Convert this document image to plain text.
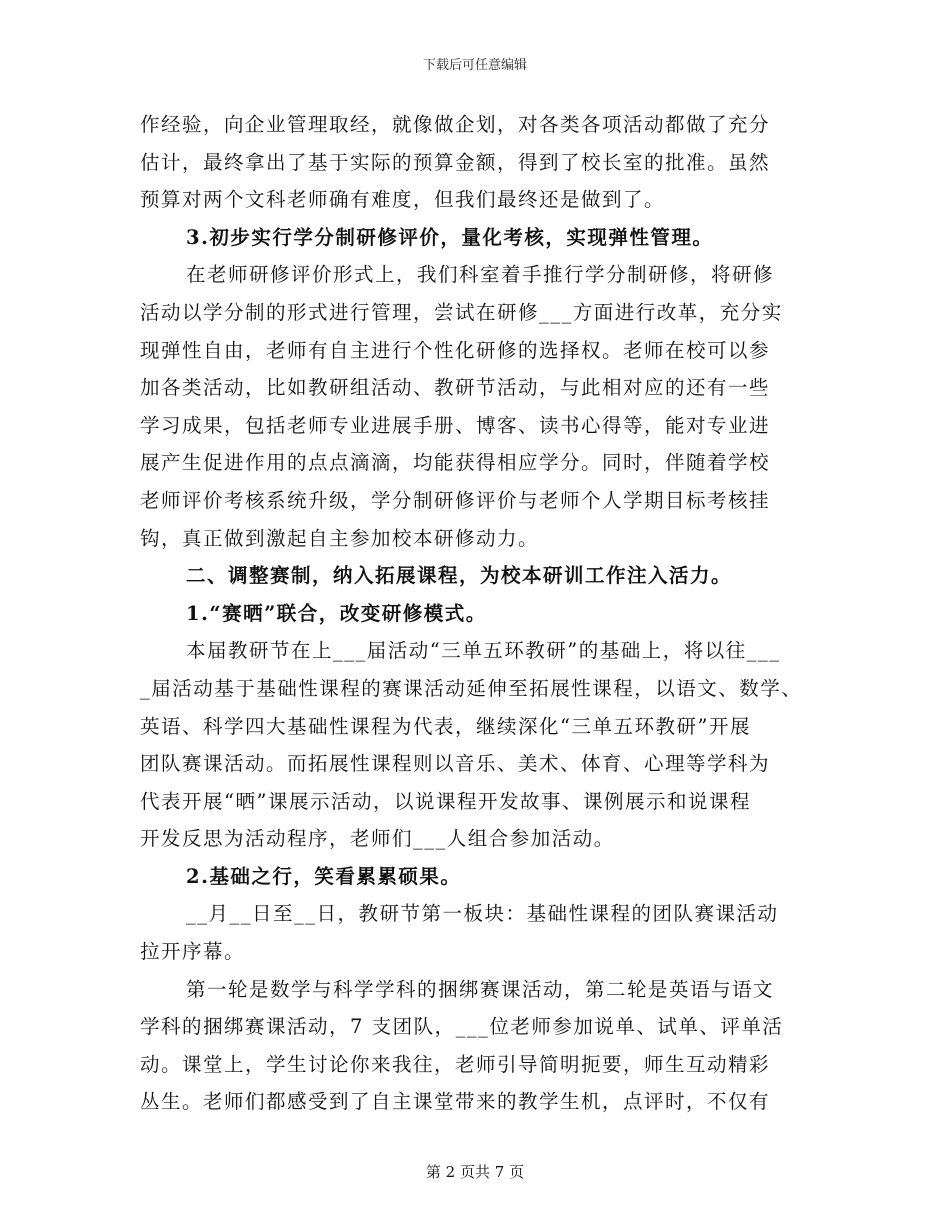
下载后可任意编辑
作经验，向企业管理取经，就像做企划，对各类各项活动都做了充分
估计，最终拿出了基于实际的预算金额，得到了校长室的批准。虽然
预算对两个文科老师确有难度，但我们最终还是做到了。
3.初步实行学分制研修评价，量化考核，实现弹性管理。
在老师研修评价形式上，我们科室着手推行学分制研修，将研修
活动以学分制的形式进行管理，尝试在研修___方面进行改革，充分实
现弹性自由，老师有自主进行个性化研修的选择权。老师在校可以参
加各类活动，比如教研组活动、教研节活动，与此相对应的还有一些
学习成果，包括老师专业进展手册、博客、读书心得等，能对专业进
展产生促进作用的点点滴滴，均能获得相应学分。同时，伴随着学校
老师评价考核系统升级，学分制研修评价与老师个人学期目标考核挂
钩，真正做到激起自主参加校本研修动力。
二、调整赛制，纳入拓展课程，为校本研训工作注入活力。
1.“赛晒”联合，改变研修模式。
本届教研节在上___届活动“三单五环教研”的基础上，将以往___
_届活动基于基础性课程的赛课活动延伸至拓展性课程，以语文、数学、
英语、科学四大基础性课程为代表，继续深化“三单五环教研”开展
团队赛课活动。而拓展性课程则以音乐、美术、体育、心理等学科为
代表开展“晒”课展示活动，以说课程开发故事、课例展示和说课程
开发反思为活动程序，老师们___人组合参加活动。
2.基础之行，笑看累累硕果。
__月__日至__日，教研节第一板块：基础性课程的团队赛课活动
拉开序幕。
第一轮是数学与科学学科的捆绑赛课活动，第二轮是英语与语文
学科的捆绑赛课活动，7 支团队，___位老师参加说单、试单、评单活
动。课堂上，学生讨论你来我往，老师引导简明扼要，师生互动精彩
丛生。老师们都感受到了自主课堂带来的教学生机，点评时，不仅有
第 2 页共 7 页
